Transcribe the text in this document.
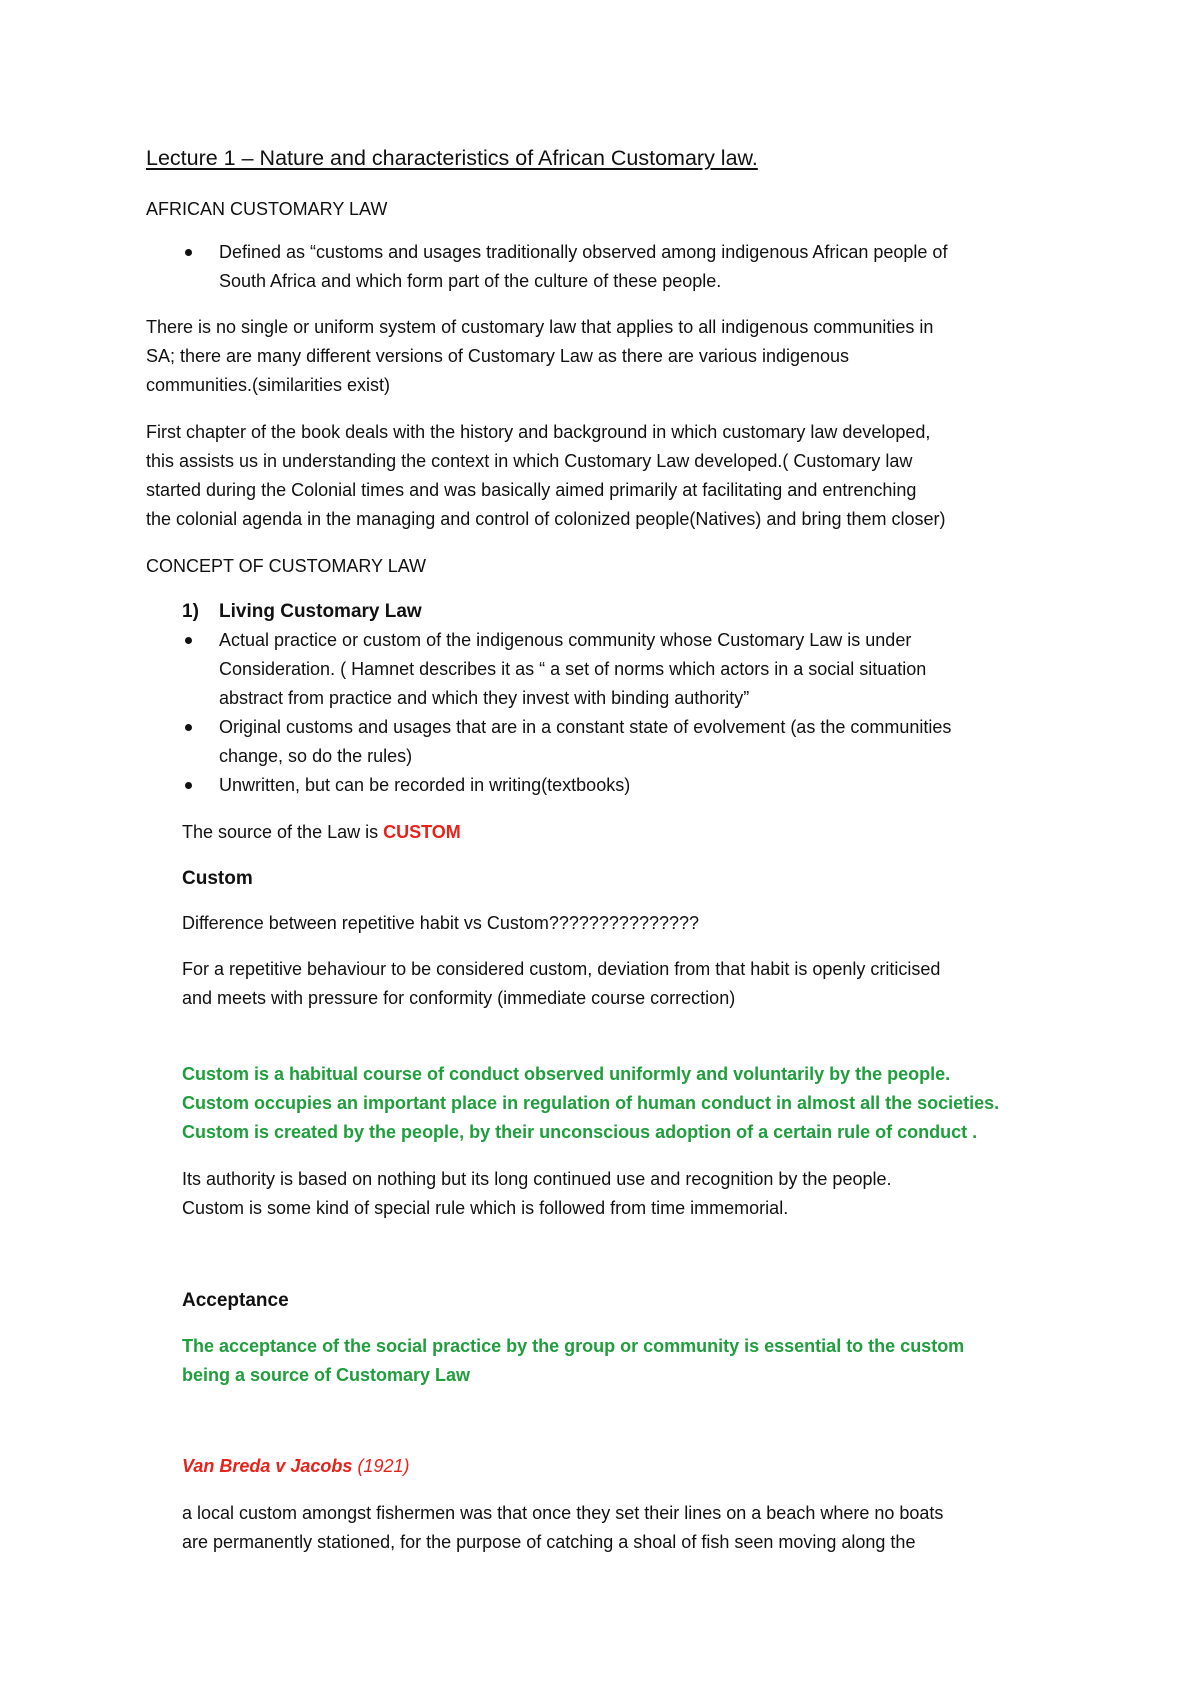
Lecture 1 – Nature and characteristics of African Customary law.
AFRICAN CUSTOMARY LAW
Defined as “customs and usages traditionally observed among indigenous African people of
South Africa and which form part of the culture of these people.
There is no single or uniform system of customary law that applies to all indigenous communities in
SA; there are many different versions of Customary Law as there are various indigenous
communities.(similarities exist)
First chapter of the book deals with the history and background in which customary law developed,
this assists us in understanding the context in which Customary Law developed.( Customary law
started during the Colonial times and was basically aimed primarily at facilitating and entrenching
the colonial agenda in the managing and control of colonized people(Natives) and bring them closer)
CONCEPT OF CUSTOMARY LAW
1) Living Customary Law
Actual practice or custom of the indigenous community whose Customary Law is under
Consideration. ( Hamnet describes it as “ a set of norms which actors in a social situation
abstract from practice and which they invest with binding authority”
Original customs and usages that are in a constant state of evolvement (as the communities
change, so do the rules)
Unwritten, but can be recorded in writing(textbooks)
The source of the Law is CUSTOM
Custom
Difference between repetitive habit vs Custom???????????????
For a repetitive behaviour to be considered custom, deviation from that habit is openly criticised
and meets with pressure for conformity (immediate course correction)
Custom is a habitual course of conduct observed uniformly and voluntarily by the people.
Custom occupies an important place in regulation of human conduct in almost all the societies.
Custom is created by the people, by their unconscious adoption of a certain rule of conduct .
Its authority is based on nothing but its long continued use and recognition by the people.
Custom is some kind of special rule which is followed from time immemorial.
Acceptance
The acceptance of the social practice by the group or community is essential to the custom
being a source of Customary Law
Van Breda v Jacobs (1921)
a local custom amongst fishermen was that once they set their lines on a beach where no boats
are permanently stationed, for the purpose of catching a shoal of fish seen moving along the
